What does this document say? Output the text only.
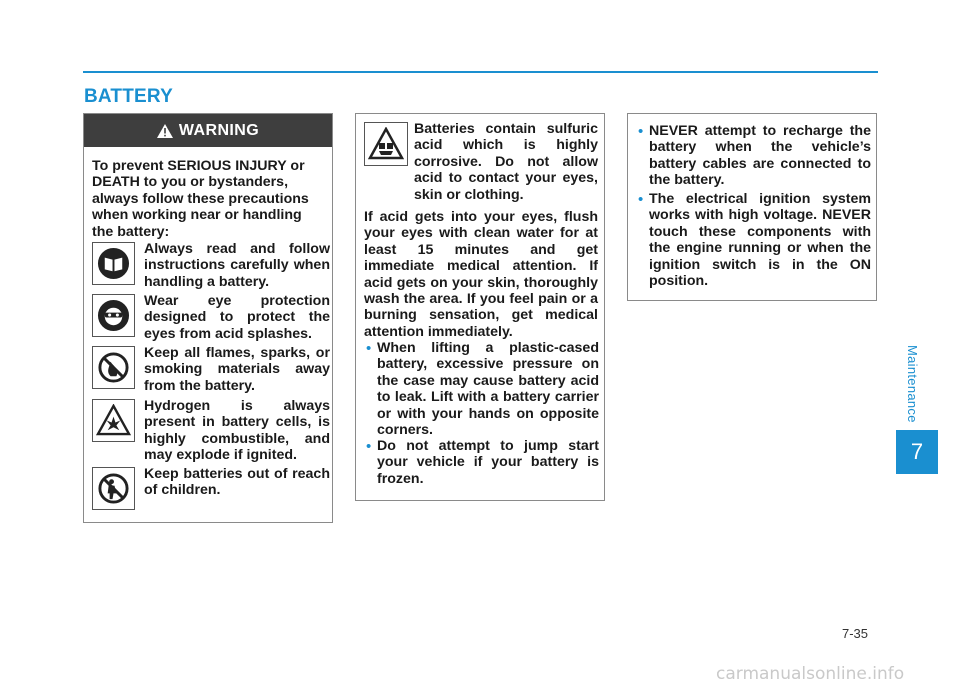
BATTERY
WARNING
To prevent SERIOUS INJURY or DEATH to you or bystanders, always follow these precautions when working near or handling the battery:
Always read and follow instructions carefully when handling a battery.
Wear eye protection designed to protect the eyes from acid splashes.
Keep all flames, sparks, or smoking materials away from the battery.
Hydrogen is always present in battery cells, is highly combustible, and may explode if ignited.
Keep batteries out of reach of children.
Batteries contain sulfuric acid which is highly corrosive. Do not allow acid to contact your eyes, skin or clothing.
If acid gets into your eyes, flush your eyes with clean water for at least 15 minutes and get immediate medical attention. If acid gets on your skin, thoroughly wash the area. If you feel pain or a burning sensation, get medical attention immediately.
• When lifting a plastic-cased battery, excessive pressure on the case may cause battery acid to leak. Lift with a battery carrier or with your hands on opposite corners.
• Do not attempt to jump start your vehicle if your battery is frozen.
• NEVER attempt to recharge the battery when the vehicle’s battery cables are connected to the battery.
• The electrical ignition system works with high voltage. NEVER touch these components with the engine running or when the ignition switch is in the ON position.
Maintenance
7
7-35
carmanualsonline.info
